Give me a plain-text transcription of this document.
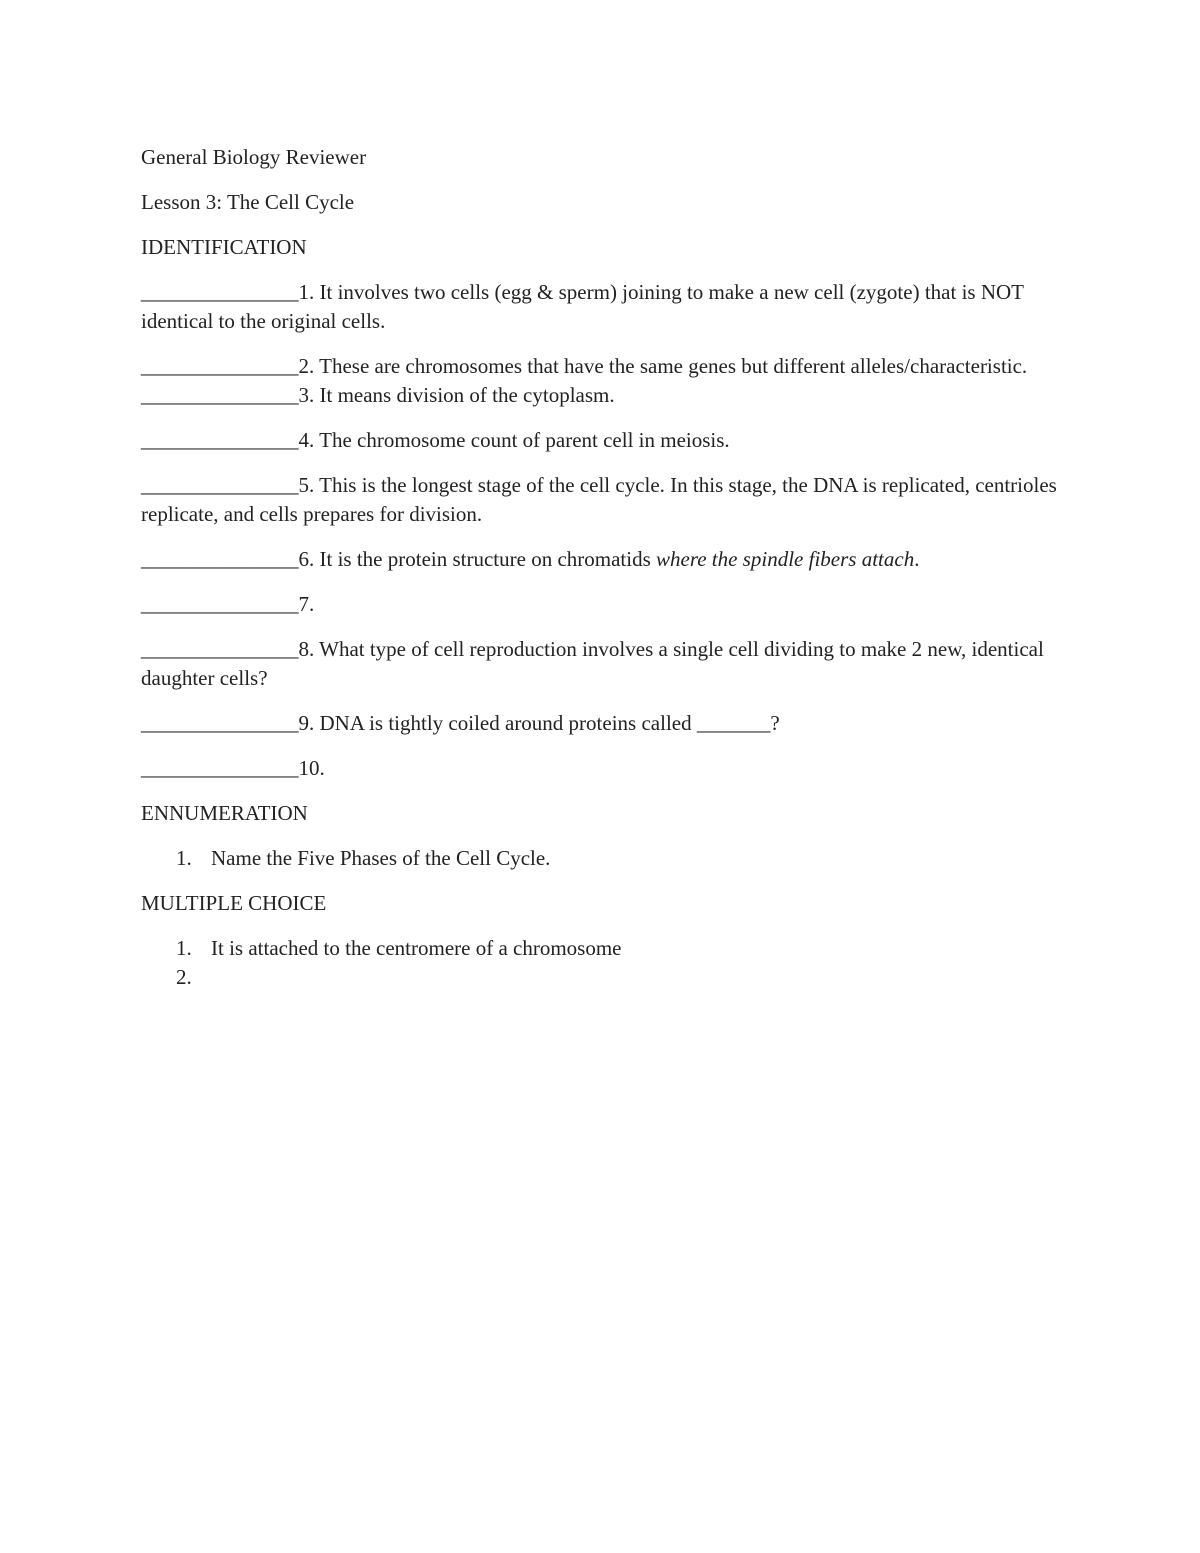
General Biology Reviewer

Lesson 3: The Cell Cycle

IDENTIFICATION

_______________1. It involves two cells (egg & sperm) joining to make a new cell (zygote) that is NOT identical to the original cells.

_______________2. These are chromosomes that have the same genes but different alleles/characteristic.

_______________3. It means division of the cytoplasm.

_______________4. The chromosome count of parent cell in meiosis.

_______________5. This is the longest stage of the cell cycle. In this stage, the DNA is replicated, centrioles replicate, and cells prepares for division.

_______________6. It is the protein structure on chromatids where the spindle fibers attach.

_______________7.

_______________8. What type of cell reproduction involves a single cell dividing to make 2 new, identical daughter cells?

_______________9. DNA is tightly coiled around proteins called _______?

_______________10.

ENNUMERATION

1. Name the Five Phases of the Cell Cycle.

MULTIPLE CHOICE

1. It is attached to the centromere of a chromosome
2.
